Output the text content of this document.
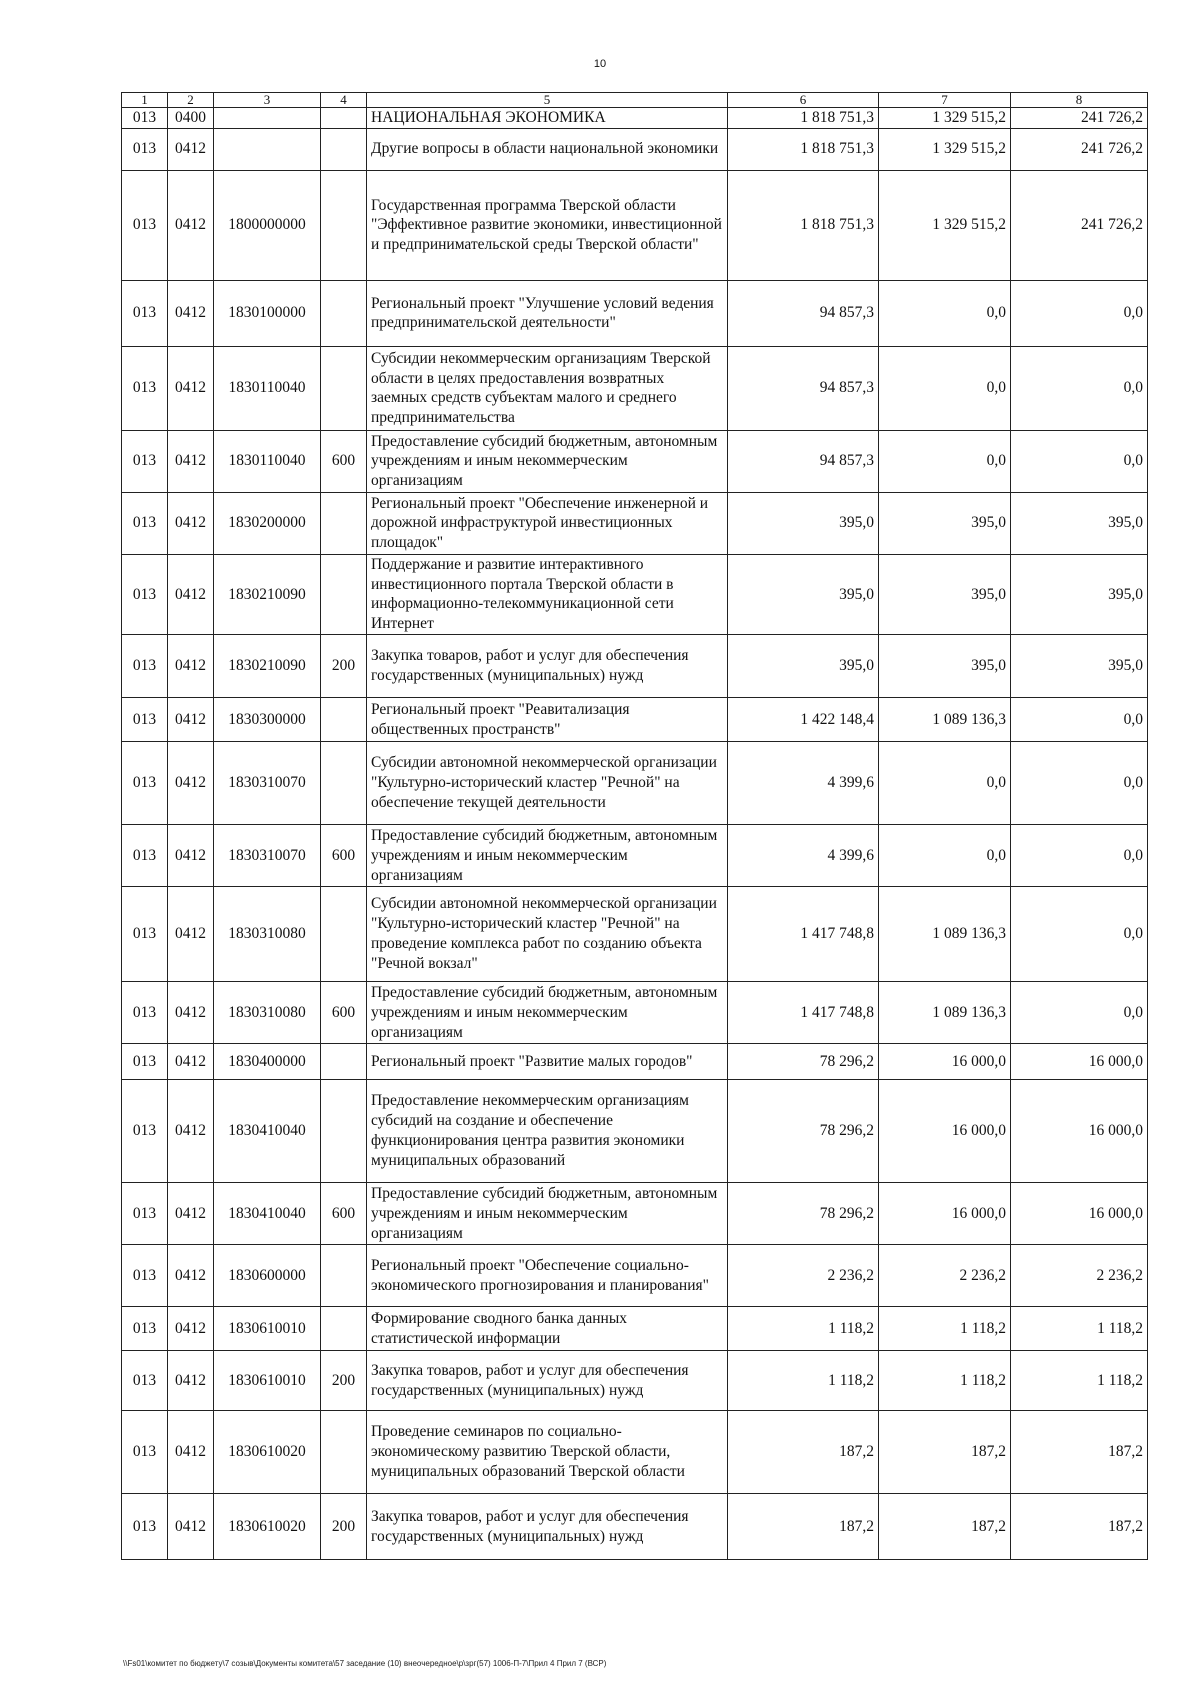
10
1	2	3	4	5	6	7	8
013	0400			НАЦИОНАЛЬНАЯ ЭКОНОМИКА	1 818 751,3	1 329 515,2	241 726,2
013	0412			Другие вопросы в области национальной экономики	1 818 751,3	1 329 515,2	241 726,2
013	0412	1800000000		Государственная программа Тверской области "Эффективное развитие экономики, инвестиционной и предпринимательской среды Тверской области"	1 818 751,3	1 329 515,2	241 726,2
013	0412	1830100000		Региональный проект "Улучшение условий ведения предпринимательской деятельности"	94 857,3	0,0	0,0
013	0412	1830110040		Субсидии некоммерческим организациям Тверской области в целях предоставления возвратных заемных средств субъектам малого и среднего предпринимательства	94 857,3	0,0	0,0
013	0412	1830110040	600	Предоставление субсидий бюджетным, автономным учреждениям и иным некоммерческим организациям	94 857,3	0,0	0,0
013	0412	1830200000		Региональный проект "Обеспечение инженерной и дорожной инфраструктурой инвестиционных площадок"	395,0	395,0	395,0
013	0412	1830210090		Поддержание и развитие интерактивного инвестиционного портала Тверской области в информационно-телекоммуникационной сети Интернет	395,0	395,0	395,0
013	0412	1830210090	200	Закупка товаров, работ и услуг для обеспечения государственных (муниципальных) нужд	395,0	395,0	395,0
013	0412	1830300000		Региональный проект "Реавитализация общественных пространств"	1 422 148,4	1 089 136,3	0,0
013	0412	1830310070		Субсидии автономной некоммерческой организации "Культурно-исторический кластер "Речной" на обеспечение текущей деятельности	4 399,6	0,0	0,0
013	0412	1830310070	600	Предоставление субсидий бюджетным, автономным учреждениям и иным некоммерческим организациям	4 399,6	0,0	0,0
013	0412	1830310080		Субсидии автономной некоммерческой организации "Культурно-исторический кластер "Речной" на проведение комплекса работ по созданию объекта "Речной вокзал"	1 417 748,8	1 089 136,3	0,0
013	0412	1830310080	600	Предоставление субсидий бюджетным, автономным учреждениям и иным некоммерческим организациям	1 417 748,8	1 089 136,3	0,0
013	0412	1830400000		Региональный проект "Развитие малых городов"	78 296,2	16 000,0	16 000,0
013	0412	1830410040		Предоставление некоммерческим организациям субсидий на создание и обеспечение функционирования центра развития экономики муниципальных образований	78 296,2	16 000,0	16 000,0
013	0412	1830410040	600	Предоставление субсидий бюджетным, автономным учреждениям и иным некоммерческим организациям	78 296,2	16 000,0	16 000,0
013	0412	1830600000		Региональный проект "Обеспечение социально-экономического прогнозирования и планирования"	2 236,2	2 236,2	2 236,2
013	0412	1830610010		Формирование сводного банка данных статистической информации	1 118,2	1 118,2	1 118,2
013	0412	1830610010	200	Закупка товаров, работ и услуг для обеспечения государственных (муниципальных) нужд	1 118,2	1 118,2	1 118,2
013	0412	1830610020		Проведение семинаров по социально-экономическому развитию Тверской области, муниципальных образований Тверской области	187,2	187,2	187,2
013	0412	1830610020	200	Закупка товаров, работ и услуг для обеспечения государственных (муниципальных) нужд	187,2	187,2	187,2
\\Fs01\комитет по бюджету\7 созыв\Документы комитета\57 заседание (10) внеочередное\р\зрг(57) 1006-П-7\Прил 4 Прил 7 (ВСР)
